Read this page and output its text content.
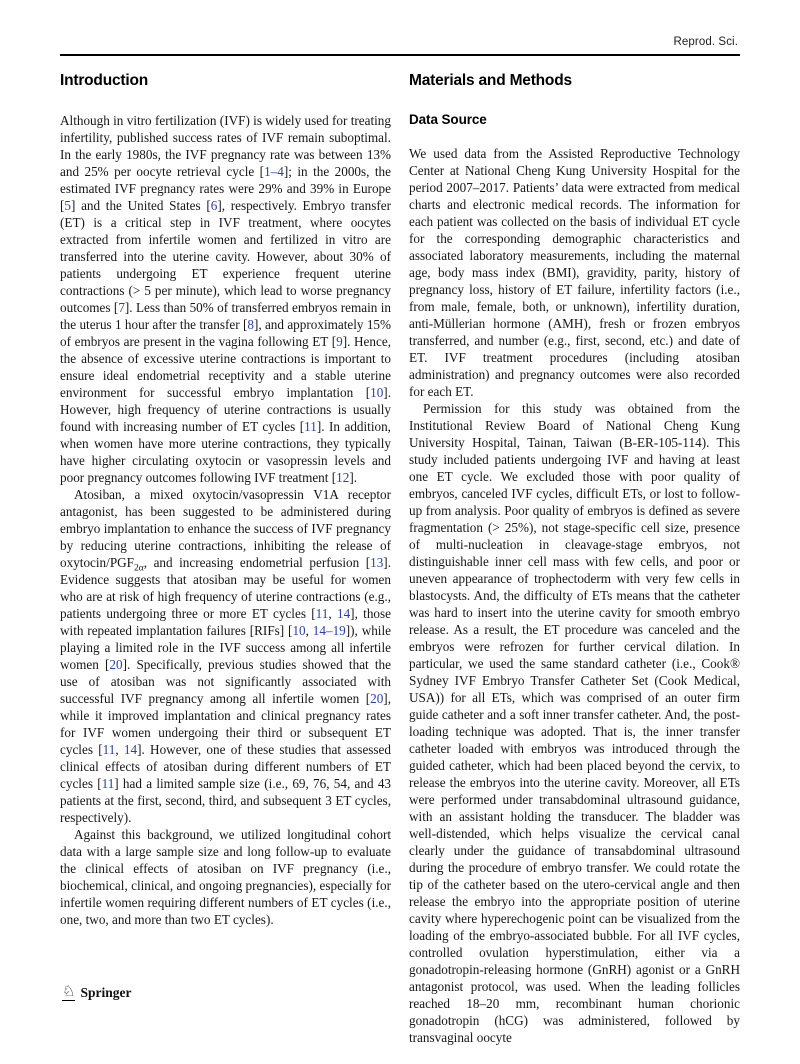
Reprod. Sci.
Introduction

Although in vitro fertilization (IVF) is widely used for treating infertility, published success rates of IVF remain suboptimal. In the early 1980s, the IVF pregnancy rate was between 13% and 25% per oocyte retrieval cycle [1–4]; in the 2000s, the estimated IVF pregnancy rates were 29% and 39% in Europe [5] and the United States [6], respectively. Embryo transfer (ET) is a critical step in IVF treatment, where oocytes extracted from infertile women and fertilized in vitro are transferred into the uterine cavity. However, about 30% of patients undergoing ET experience frequent uterine contractions (> 5 per minute), which lead to worse pregnancy outcomes [7]. Less than 50% of transferred embryos remain in the uterus 1 hour after the transfer [8], and approximately 15% of embryos are present in the vagina following ET [9]. Hence, the absence of excessive uterine contractions is important to ensure ideal endometrial receptivity and a stable uterine environment for successful embryo implantation [10]. However, high frequency of uterine contractions is usually found with increasing number of ET cycles [11]. In addition, when women have more uterine contractions, they typically have higher circulating oxytocin or vasopressin levels and poor pregnancy outcomes following IVF treatment [12].

Atosiban, a mixed oxytocin/vasopressin V1A receptor antagonist, has been suggested to be administered during embryo implantation to enhance the success of IVF pregnancy by reducing uterine contractions, inhibiting the release of oxytocin/$PGF_{2\alpha}$, and increasing endometrial perfusion [13]. Evidence suggests that atosiban may be useful for women who are at risk of high frequency of uterine contractions (e.g., patients undergoing three or more ET cycles [11, 14], those with repeated implantation failures [RIFs] [10, 14–19]), while playing a limited role in the IVF success among all infertile women [20]. Specifically, previous studies showed that the use of atosiban was not significantly associated with successful IVF pregnancy among all infertile women [20], while it improved implantation and clinical pregnancy rates for IVF women undergoing their third or subsequent ET cycles [11, 14]. However, one of these studies that assessed clinical effects of atosiban during different numbers of ET cycles [11] had a limited sample size (i.e., 69, 76, 54, and 43 patients at the first, second, third, and subsequent 3 ET cycles, respectively).

Against this background, we utilized longitudinal cohort data with a large sample size and long follow-up to evaluate the clinical effects of atosiban on IVF pregnancy (i.e., biochemical, clinical, and ongoing pregnancies), especially for infertile women requiring different numbers of ET cycles (i.e., one, two, and more than two ET cycles).

Materials and Methods
Data Source

We used data from the Assisted Reproductive Technology Center at National Cheng Kung University Hospital for the period 2007–2017. Patients’ data were extracted from medical charts and electronic medical records. The information for each patient was collected on the basis of individual ET cycle for the corresponding demographic characteristics and associated laboratory measurements, including the maternal age, body mass index (BMI), gravidity, parity, history of pregnancy loss, history of ET failure, infertility factors (i.e., from male, female, both, or unknown), infertility duration, anti-Müllerian hormone (AMH), fresh or frozen embryos transferred, and number (e.g., first, second, etc.) and date of ET. IVF treatment procedures (including atosiban administration) and pregnancy outcomes were also recorded for each ET.

Permission for this study was obtained from the Institutional Review Board of National Cheng Kung University Hospital, Tainan, Taiwan (B-ER-105-114). This study included patients undergoing IVF and having at least one ET cycle. We excluded those with poor quality of embryos, canceled IVF cycles, difficult ETs, or lost to follow-up from analysis. Poor quality of embryos is defined as severe fragmentation (> 25%), not stage-specific cell size, presence of multi-nucleation in cleavage-stage embryos, not distinguishable inner cell mass with few cells, and poor or uneven appearance of trophectoderm with very few cells in blastocysts. And, the difficulty of ETs means that the catheter was hard to insert into the uterine cavity for smooth embryo release. As a result, the ET procedure was canceled and the embryos were refrozen for further cervical dilation. In particular, we used the same standard catheter (i.e., Cook® Sydney IVF Embryo Transfer Catheter Set (Cook Medical, USA)) for all ETs, which was comprised of an outer firm guide catheter and a soft inner transfer catheter. And, the post-loading technique was adopted. That is, the inner transfer catheter loaded with embryos was introduced through the guided catheter, which had been placed beyond the cervix, to release the embryos into the uterine cavity. Moreover, all ETs were performed under transabdominal ultrasound guidance, with an assistant holding the transducer. The bladder was well-distended, which helps visualize the cervical canal clearly under the guidance of transabdominal ultrasound during the procedure of embryo transfer. We could rotate the tip of the catheter based on the utero-cervical angle and then release the embryo into the appropriate position of uterine cavity where hyperechogenic point can be visualized from the loading of the embryo-associated bubble. For all IVF cycles, controlled ovulation hyperstimulation, either via a gonadotropin-releasing hormone (GnRH) agonist or a GnRH antagonist protocol, was used. When the leading follicles reached 18–20 mm, recombinant human chorionic gonadotropin (hCG) was administered, followed by transvaginal oocyte

♘ Springer
